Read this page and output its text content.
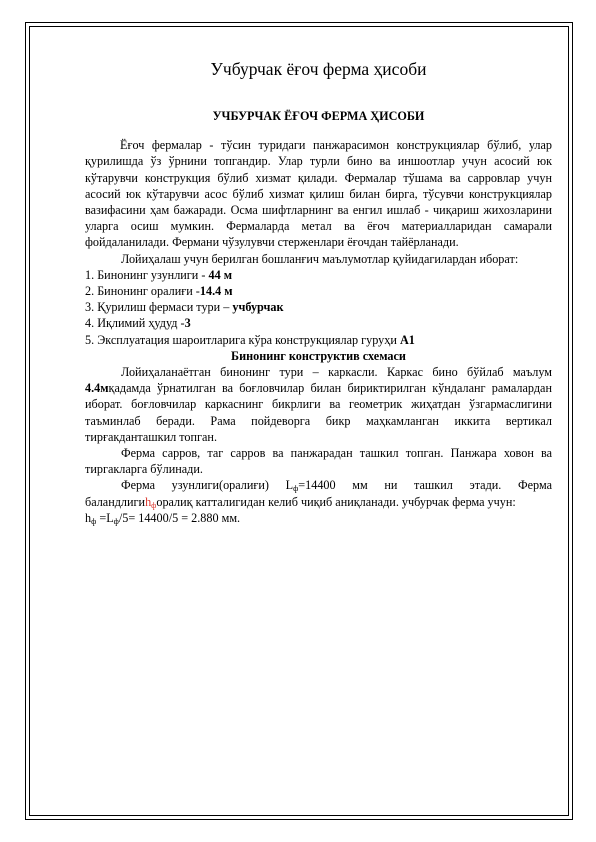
Учбурчак ёғоч ферма ҳисоби
УЧБУРЧАК ЁҒОЧ ФЕРМА ҲИСОБИ

Ёғоч фермалар - тўсин туридаги панжарасимон конструкциялар бўлиб, улар қурилишда ўз ўрнини топгандир. Улар турли бино ва иншоотлар учун асосий юк кўтарувчи конструкция бўлиб хизмат қилади. Фермалар тўшама ва сарровлар учун асосий юк кўтарувчи асос бўлиб хизмат қилиш билан бирга, тўсувчи конструкциялар вазифасини ҳам бажаради. Осма шифтларнинг ва енгил ишлаб - чиқариш жихозларини уларга осиш мумкин. Фермаларда метал ва ёғоч материалларидан самарали фойдаланилади. Фермани чўзулувчи стерженлари ёғочдан тайёрланади.

Лойиҳалаш учун берилган бошланғич маълумотлар қуйидагилардан иборат:

1. Бинонинг узунлиги - 44 м
2. Бинонинг оралиғи -14.4 м
3. Қурилиш фермаси тури – учбурчак
4. Иқлимий ҳудуд -3
5. Эксплуатация шароитларига кўра конструкциялар гуруҳи А1
Бинонинг конструктив схемаси

Лойиҳаланаётган бинонинг тури – каркасли. Каркас бино бўйлаб маълум 4.4мқадамда ўрнатилган ва боғловчилар билан бириктирилган кўндаланг рамалардан иборат. боғловчилар каркаснинг бикрлиги ва геометрик жиҳатдан ўзгармаслигини таъминлаб беради. Рама пойдеворга бикр маҳкамланган иккита вертикал тирғакданташкил топган.

Ферма сарров, таг сарров ва панжарадан ташкил топган. Панжара ховон ва тиргакларга бўлинади.

Ферма узунлиги(оралиғи) $L_ф=14400$ мм ни ташкил этади. Ферма баландлигиh$_ф$оралиқ катталигидан келиб чиқиб аниқланади. учбурчак ферма учун:

$h_ф =L_ф/5= 14400/5 = 2.880$ мм.
